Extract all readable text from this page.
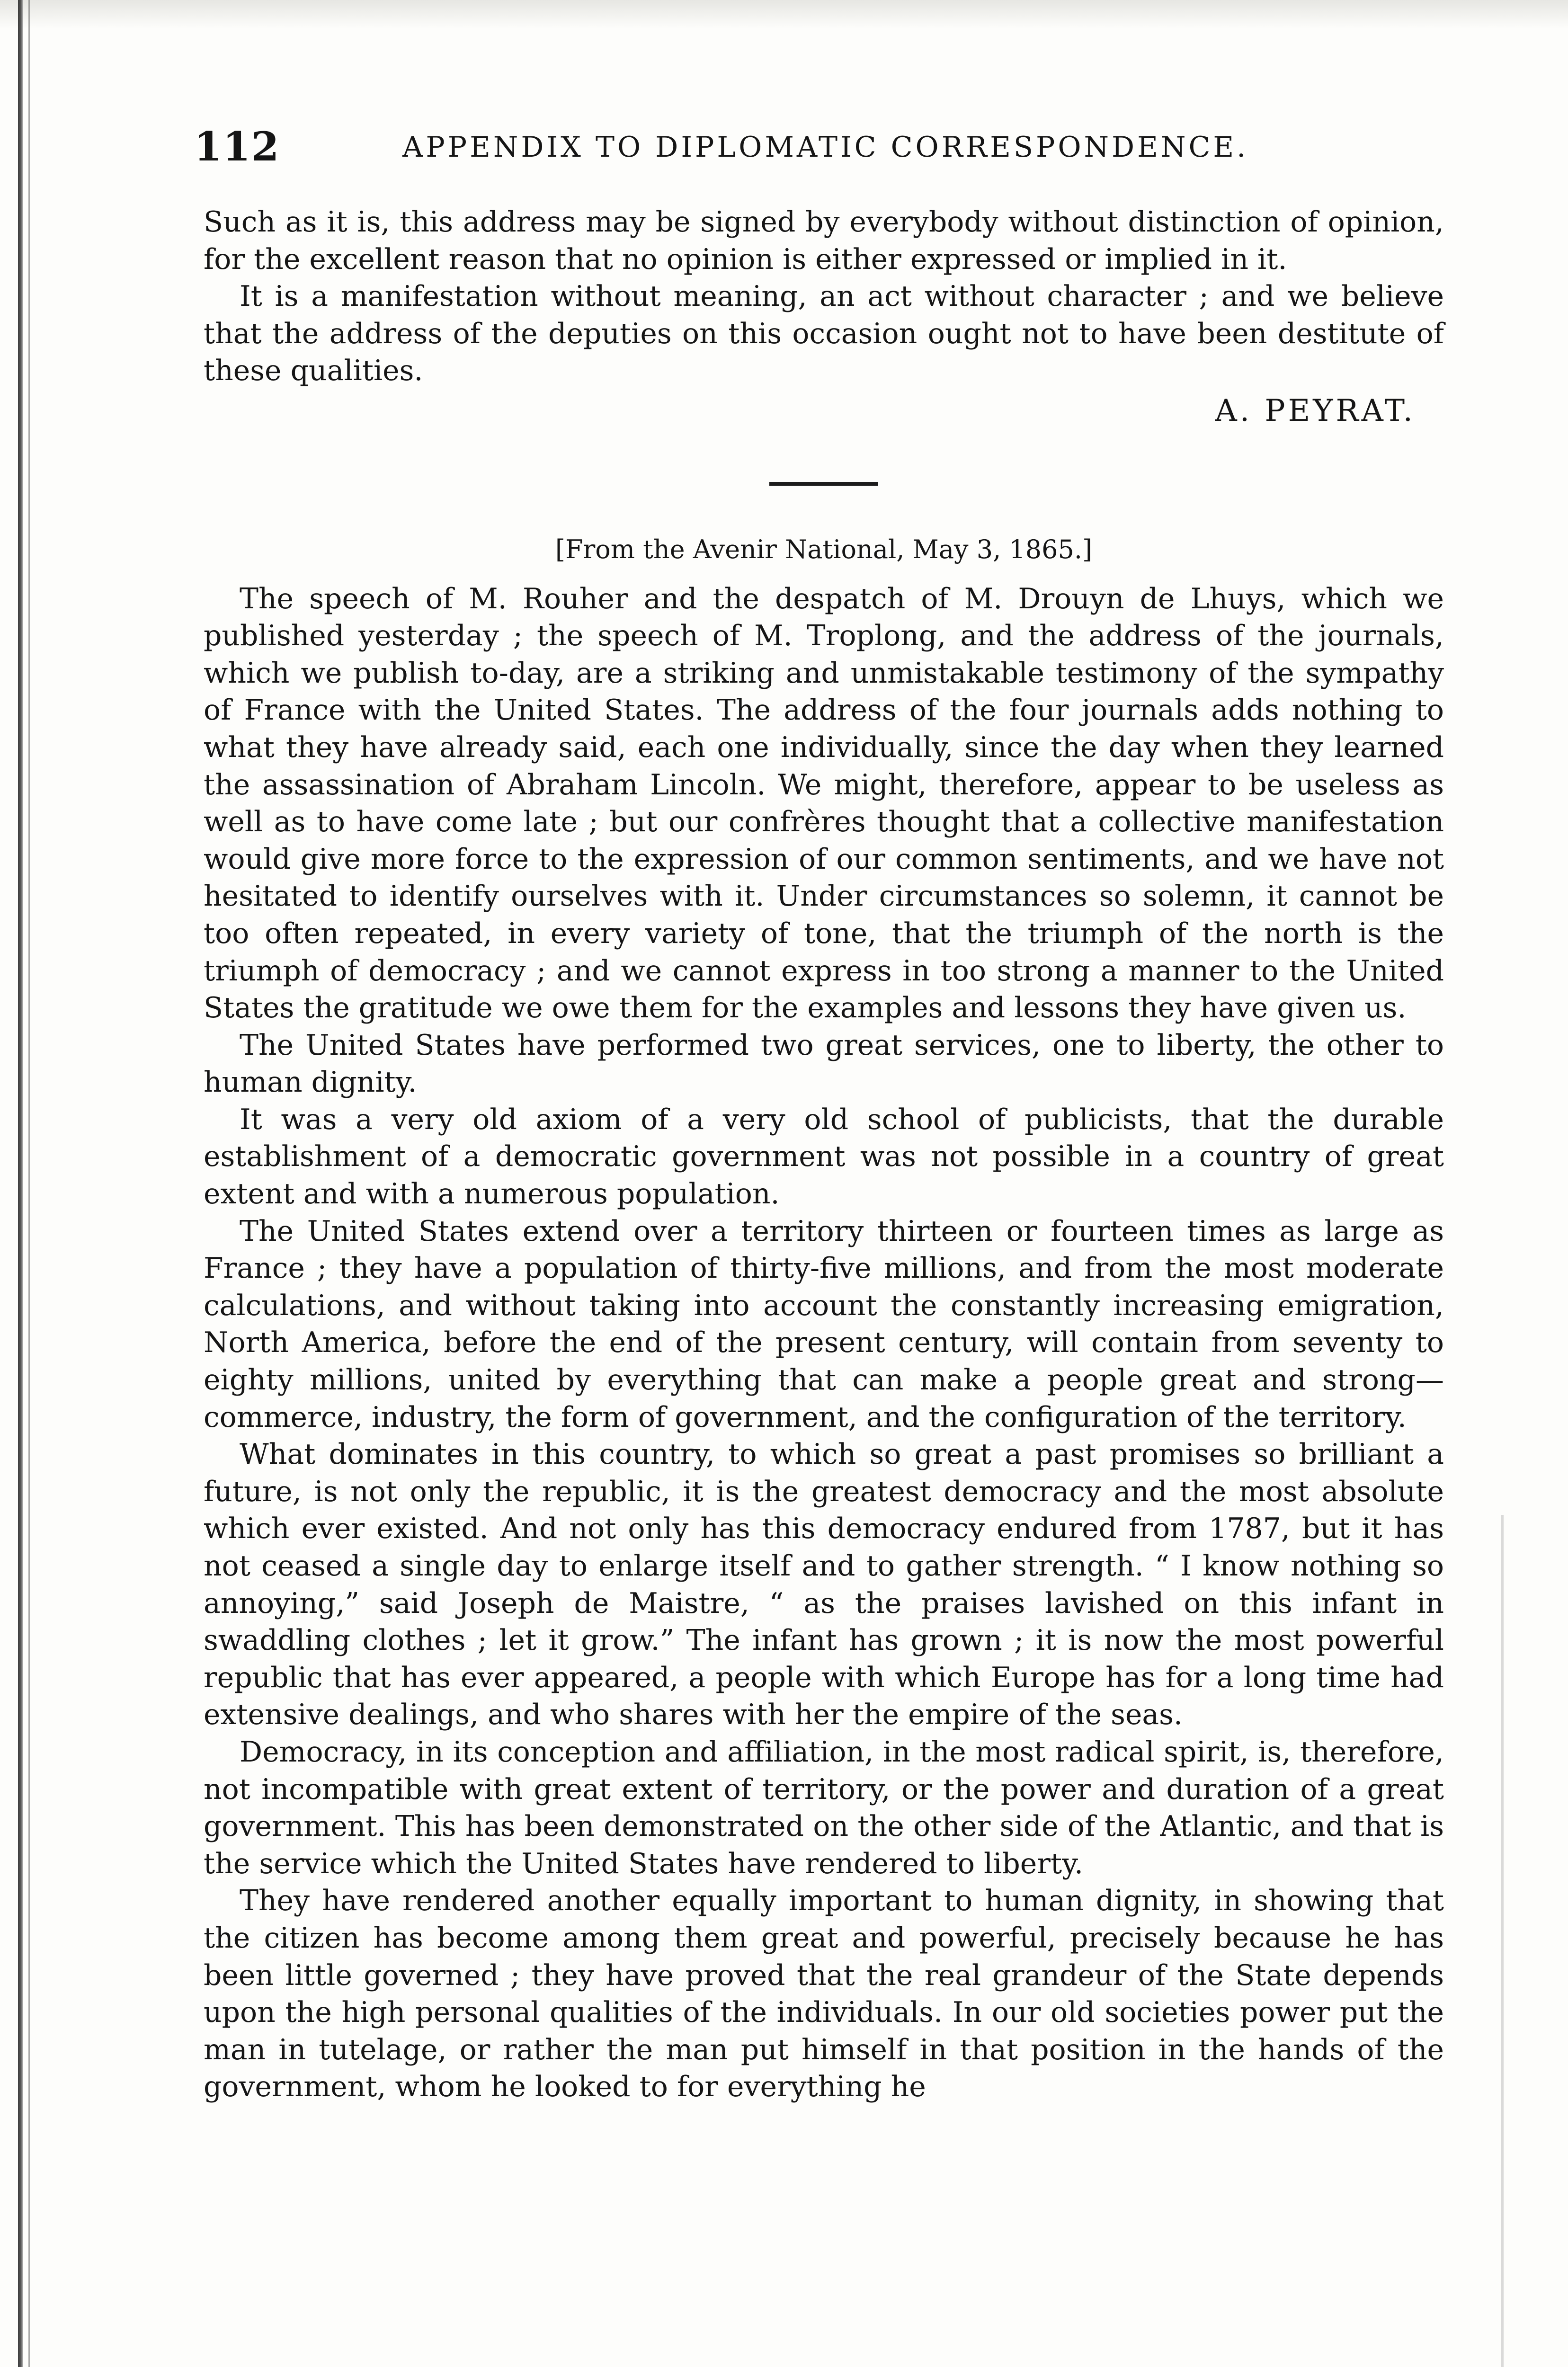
112	APPENDIX TO DIPLOMATIC CORRESPONDENCE.

Such as it is, this address may be signed by everybody without distinction of opinion, for the excellent reason that no opinion is either expressed or implied in it.

It is a manifestation without meaning, an act without character ; and we believe that the address of the deputies on this occasion ought not to have been destitute of these qualities.

A. PEYRAT.
[From the Avenir National, May 3, 1865.]

The speech of M. Rouher and the despatch of M. Drouyn de Lhuys, which we published yesterday ; the speech of M. Troplong, and the address of the journals, which we publish to-day, are a striking and unmistakable testimony of the sympathy of France with the United States. The address of the four journals adds nothing to what they have already said, each one individually, since the day when they learned the assassination of Abraham Lincoln. We might, therefore, appear to be useless as well as to have come late ; but our confrères thought that a collective manifestation would give more force to the expression of our common sentiments, and we have not hesitated to identify ourselves with it. Under circumstances so solemn, it cannot be too often repeated, in every variety of tone, that the triumph of the north is the triumph of democracy ; and we cannot express in too strong a manner to the United States the gratitude we owe them for the examples and lessons they have given us.

The United States have performed two great services, one to liberty, the other to human dignity.

It was a very old axiom of a very old school of publicists, that the durable establishment of a democratic government was not possible in a country of great extent and with a numerous population.

The United States extend over a territory thirteen or fourteen times as large as France ; they have a population of thirty-five millions, and from the most moderate calculations, and without taking into account the constantly increasing emigration, North America, before the end of the present century, will contain from seventy to eighty millions, united by everything that can make a people great and strong—commerce, industry, the form of government, and the configuration of the territory.

What dominates in this country, to which so great a past promises so brilliant a future, is not only the republic, it is the greatest democracy and the most absolute which ever existed. And not only has this democracy endured from 1787, but it has not ceased a single day to enlarge itself and to gather strength. “ I know nothing so annoying,” said Joseph de Maistre, “ as the praises lavished on this infant in swaddling clothes ; let it grow.” The infant has grown ; it is now the most powerful republic that has ever appeared, a people with which Europe has for a long time had extensive dealings, and who shares with her the empire of the seas.

Democracy, in its conception and affiliation, in the most radical spirit, is, therefore, not incompatible with great extent of territory, or the power and duration of a great government. This has been demonstrated on the other side of the Atlantic, and that is the service which the United States have rendered to liberty.

They have rendered another equally important to human dignity, in showing that the citizen has become among them great and powerful, precisely because he has been little governed ; they have proved that the real grandeur of the State depends upon the high personal qualities of the individuals. In our old societies power put the man in tutelage, or rather the man put himself in that position in the hands of the government, whom he looked to for everything he
